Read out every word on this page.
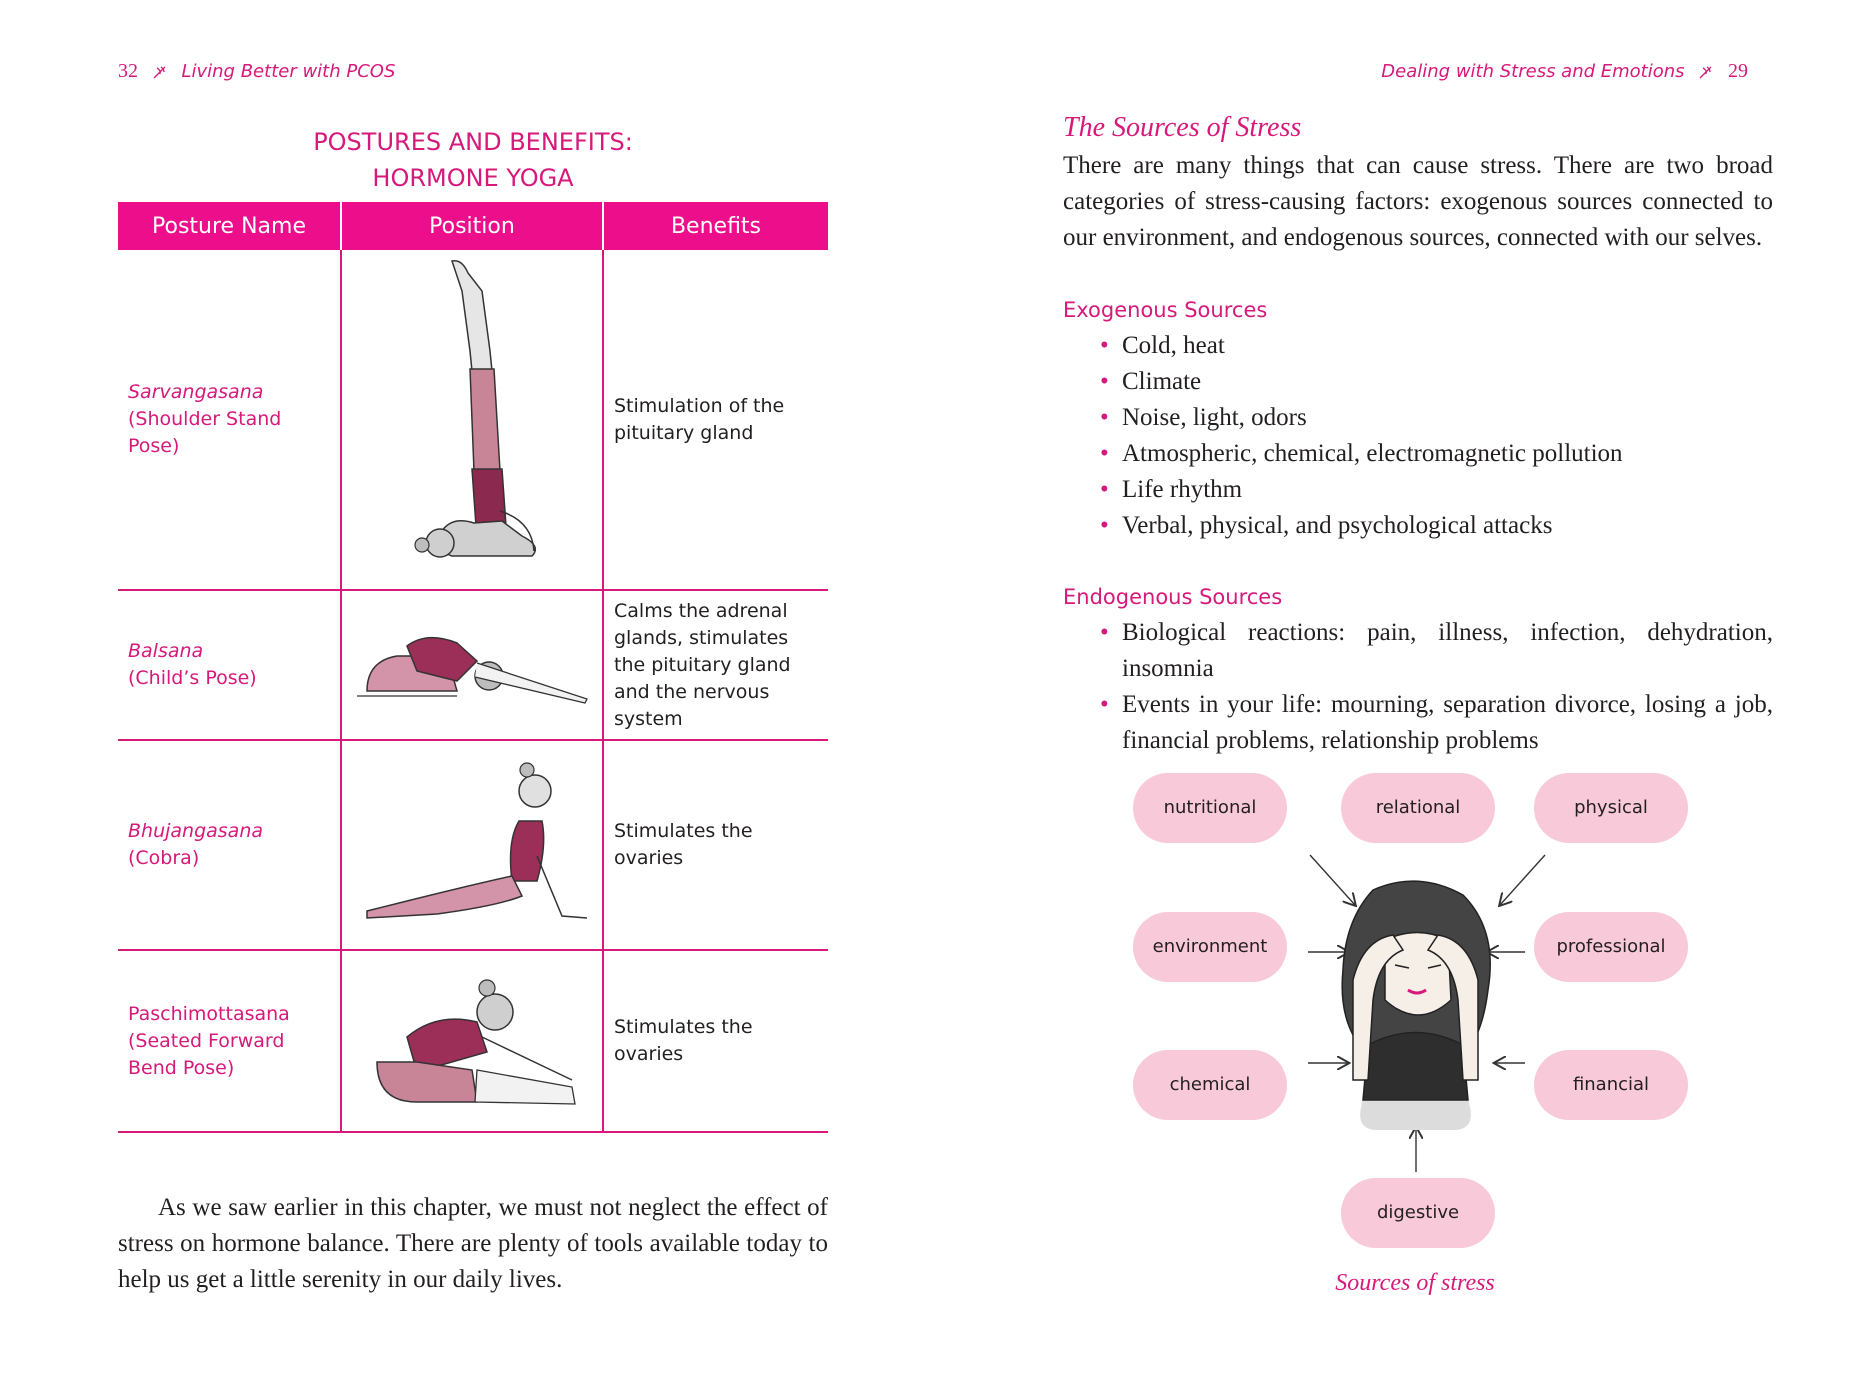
32 Living Better with PCOS
POSTURES AND BENEFITS:
HORMONE YOGA
Posture Name	Position	Benefits

Sarvangasana
(Shoulder Stand Pose)		Stimulation of the pituitary gland

Balsana
(Child’s Pose)		Calms the adrenal glands, stimulates the pituitary gland and the nervous system

Bhujangasana
(Cobra)		Stimulates the ovaries

Paschimottasana
(Seated Forward Bend Pose)		Stimulates the ovaries

As we saw earlier in this chapter, we must not neglect the effect of stress on hormone balance. There are plenty of tools available today to help us get a little serenity in our daily lives.

Dealing with Stress and Emotions 29
The Sources of Stress
There are many things that can cause stress. There are two broad categories of stress-causing factors: exogenous sources connected to our environment, and endogenous sources, connected with our selves.
Exogenous Sources
• Cold, heat
• Climate
• Noise, light, odors
• Atmospheric, chemical, electromagnetic pollution
• Life rhythm
• Verbal, physical, and psychological attacks
Endogenous Sources
• Biological reactions: pain, illness, infection, dehydration, insomnia
• Events in your life: mourning, separation divorce, losing a job, financial problems, relationship problems
nutritional	relational	physical
environment	professional
chemical	financial
digestive
Sources of stress
